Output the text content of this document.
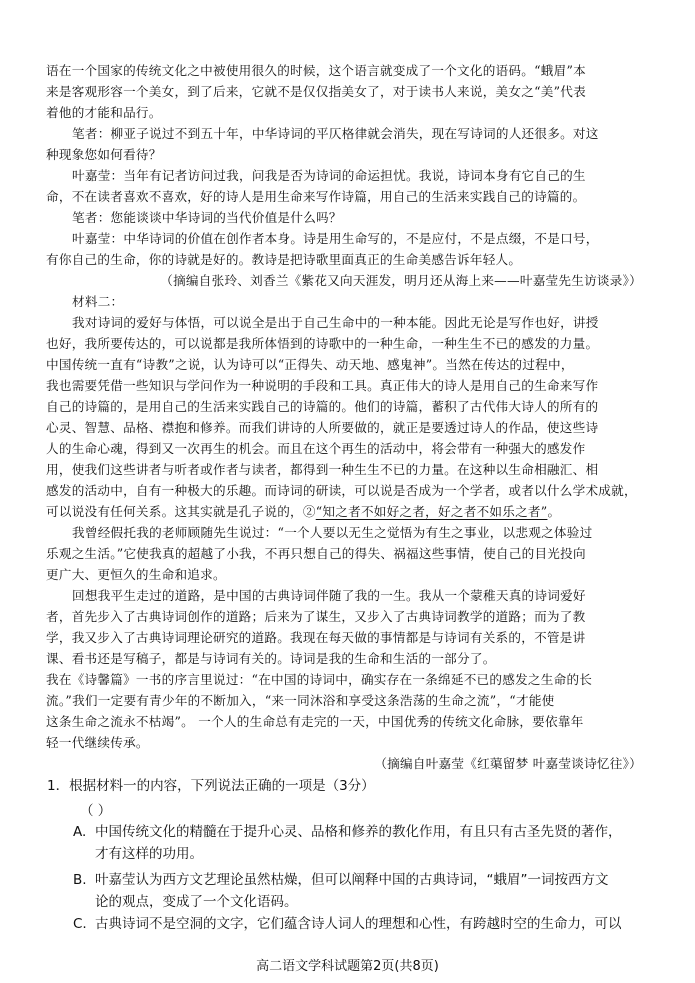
语在一个国家的传统文化之中被使用很久的时候，这个语言就变成了一个文化的语码。“蛾眉”本
来是客观形容一个美女，到了后来，它就不是仅仅指美女了，对于读书人来说，美女之“美”代表
着他的才能和品行。
笔者：柳亚子说过不到五十年，中华诗词的平仄格律就会消失，现在写诗词的人还很多。对这
种现象您如何看待？
叶嘉莹：当年有记者访问过我，问我是否为诗词的命运担忧。我说，诗词本身有它自己的生
命，不在读者喜欢不喜欢，好的诗人是用生命来写作诗篇，用自己的生活来实践自己的诗篇的。
笔者：您能谈谈中华诗词的当代价值是什么吗？
叶嘉莹：中华诗词的价值在创作者本身。诗是用生命写的，不是应付，不是点缀，不是口号，
有你自己的生命，你的诗就是好的。教诗是把诗歌里面真正的生命美感告诉年轻人。
（摘编自张玲、刘香兰《紫花又向天涯发，明月还从海上来——叶嘉莹先生访谈录》）
材料二：
我对诗词的爱好与体悟，可以说全是出于自己生命中的一种本能。因此无论是写作也好，讲授
也好，我所要传达的，可以说都是我所体悟到的诗歌中的一种生命，一种生生不已的感发的力量。
中国传统一直有“诗教”之说，认为诗可以“正得失、动天地、感鬼神”。当然在传达的过程中，
我也需要凭借一些知识与学问作为一种说明的手段和工具。真正伟大的诗人是用自己的生命来写作
自己的诗篇的，是用自己的生活来实践自己的诗篇的。他们的诗篇，蓄积了古代伟大诗人的所有的
心灵、智慧、品格、襟抱和修养。而我们讲诗的人所要做的，就正是要透过诗人的作品，使这些诗
人的生命心魂，得到又一次再生的机会。而且在这个再生的活动中，将会带有一种强大的感发作
用，使我们这些讲者与听者或作者与读者，都得到一种生生不已的力量。在这种以生命相融汇、相
感发的活动中，自有一种极大的乐趣。而诗词的研读，可以说是否成为一个学者，或者以什么学术成就，
可以说没有任何关系。这其实就是孔子说的，②“知之者不如好之者，好之者不如乐之者”。
我曾经假托我的老师顾随先生说过：“一个人要以无生之觉悟为有生之事业，以悲观之体验过
乐观之生活。”它使我真的超越了小我，不再只想自己的得失、祸福这些事情，使自己的目光投向
更广大、更恒久的生命和追求。
回想我平生走过的道路，是中国的古典诗词伴随了我的一生。我从一个蒙稚天真的诗词爱好
者，首先步入了古典诗词创作的道路；后来为了谋生，又步入了古典诗词教学的道路；而为了教
学，我又步入了古典诗词理论研究的道路。我现在每天做的事情都是与诗词有关系的，不管是讲
课、看书还是写稿子，都是与诗词有关的。诗词是我的生命和生活的一部分了。
我在《诗馨篇》一书的序言里说过：“在中国的诗词中，确实存在一条绵延不已的感发之生命的长
流。”我们一定要有青少年的不断加入，“来一同沐浴和享受这条浩荡的生命之流”，“才能使
这条生命之流永不枯竭”。 一个人的生命总有走完的一天，中国优秀的传统文化命脉，要依靠年
轻一代继续传承。
（摘编自叶嘉莹《红蕖留梦 叶嘉莹谈诗忆往》）
1．根据材料一的内容，下列说法正确的一项是（3分）
（ ）
A. 中国传统文化的精髓在于提升心灵、品格和修养的教化作用，有且只有古圣先贤的著作，
才有这样的功用。
B. 叶嘉莹认为西方文艺理论虽然枯燥，但可以阐释中国的古典诗词，“蛾眉”一词按西方文
论的观点，变成了一个文化语码。
C. 古典诗词不是空洞的文字，它们蕴含诗人词人的理想和心性，有跨越时空的生命力，可以
高二语文学科试题第2页(共8页)
